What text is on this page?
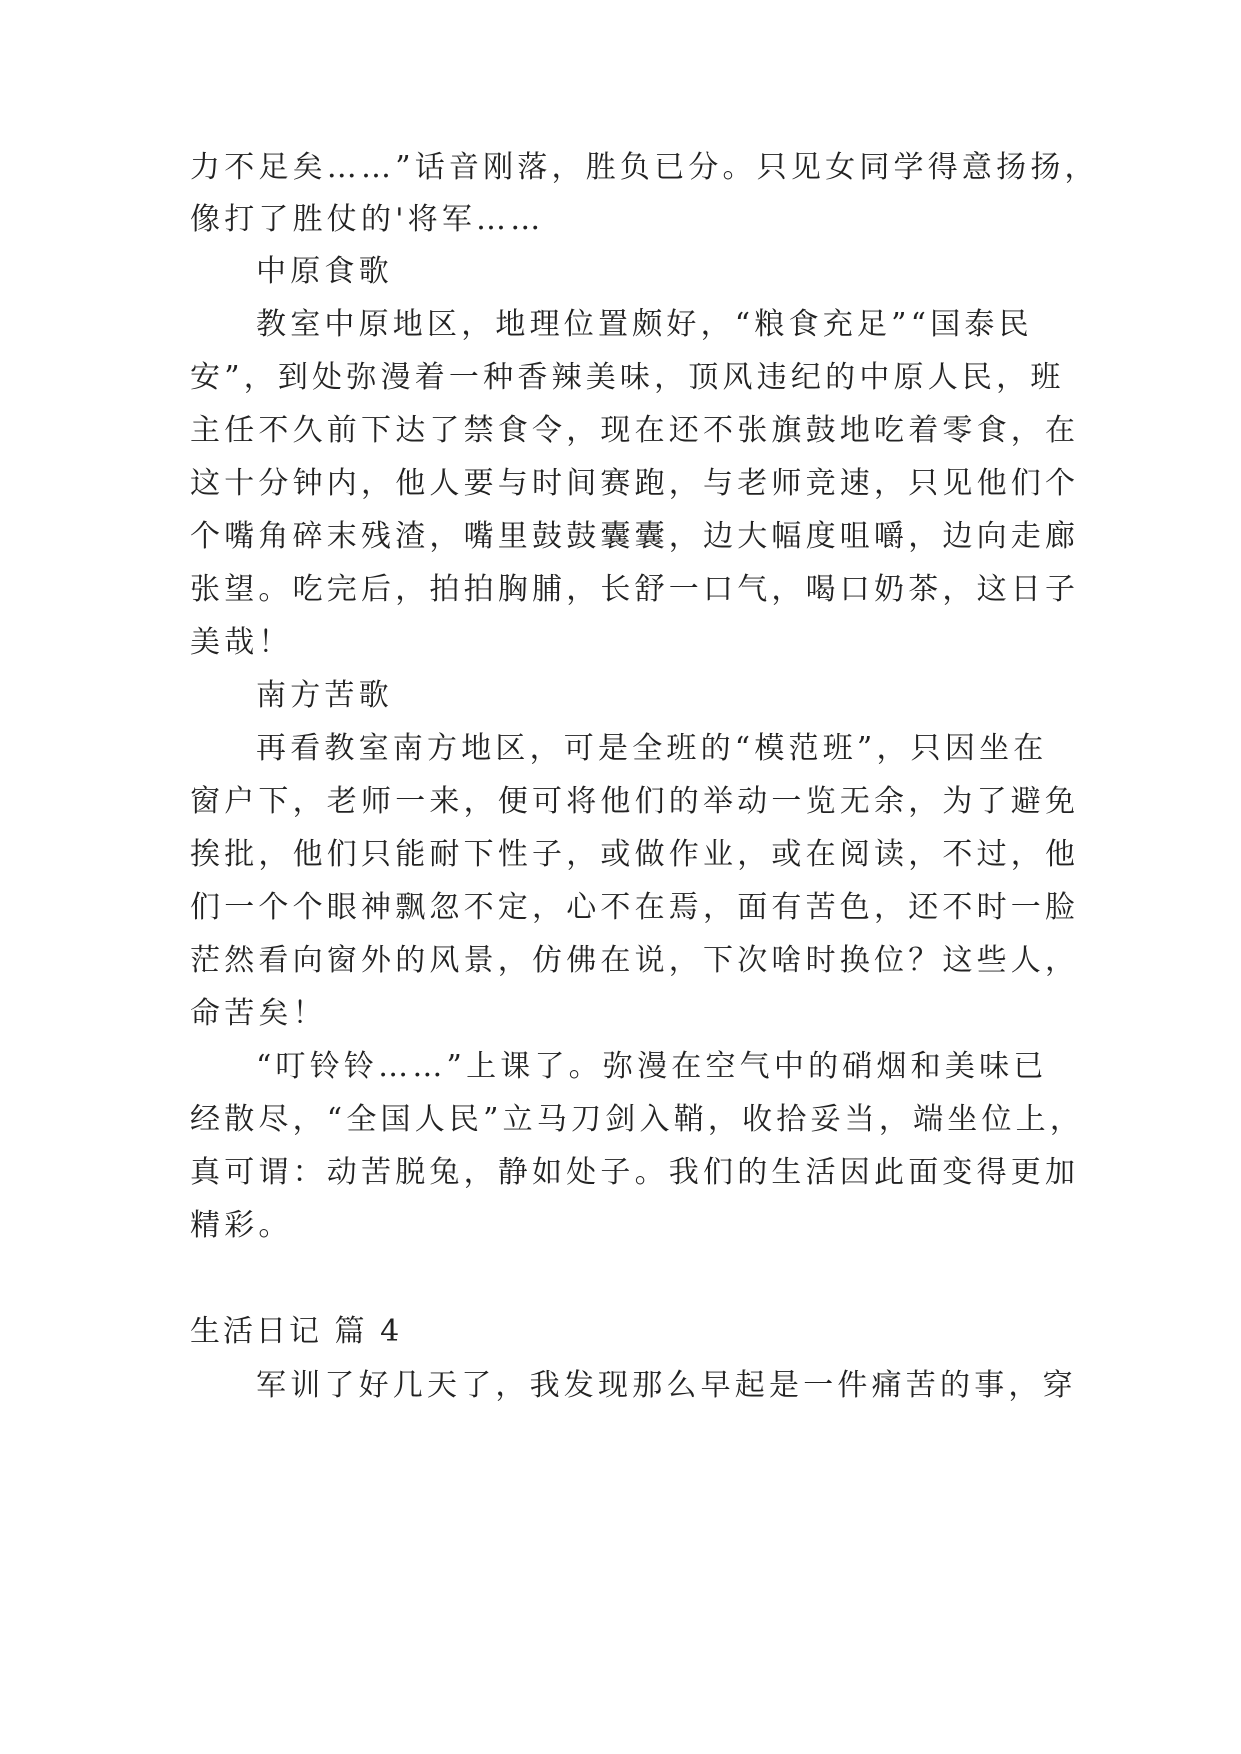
力不足矣……”话音刚落，胜负已分。只见女同学得意扬扬，
像打了胜仗的'将军……
中原食歌
教室中原地区，地理位置颇好，“粮食充足”“国泰民
安”，到处弥漫着一种香辣美味，顶风违纪的中原人民，班
主任不久前下达了禁食令，现在还不张旗鼓地吃着零食，在
这十分钟内，他人要与时间赛跑，与老师竞速，只见他们个
个嘴角碎末残渣，嘴里鼓鼓囊囊，边大幅度咀嚼，边向走廊
张望。吃完后，拍拍胸脯，长舒一口气，喝口奶茶，这日子
美哉！
南方苦歌
再看教室南方地区，可是全班的“模范班”，只因坐在
窗户下，老师一来，便可将他们的举动一览无余，为了避免
挨批，他们只能耐下性子，或做作业，或在阅读，不过，他
们一个个眼神飘忽不定，心不在焉，面有苦色，还不时一脸
茫然看向窗外的风景，仿佛在说，下次啥时换位？这些人，
命苦矣！
“叮铃铃……”上课了。弥漫在空气中的硝烟和美味已
经散尽，“全国人民”立马刀剑入鞘，收拾妥当，端坐位上，
真可谓：动苦脱兔，静如处子。我们的生活因此面变得更加
精彩。
生活日记 篇 4
军训了好几天了，我发现那么早起是一件痛苦的事，穿
